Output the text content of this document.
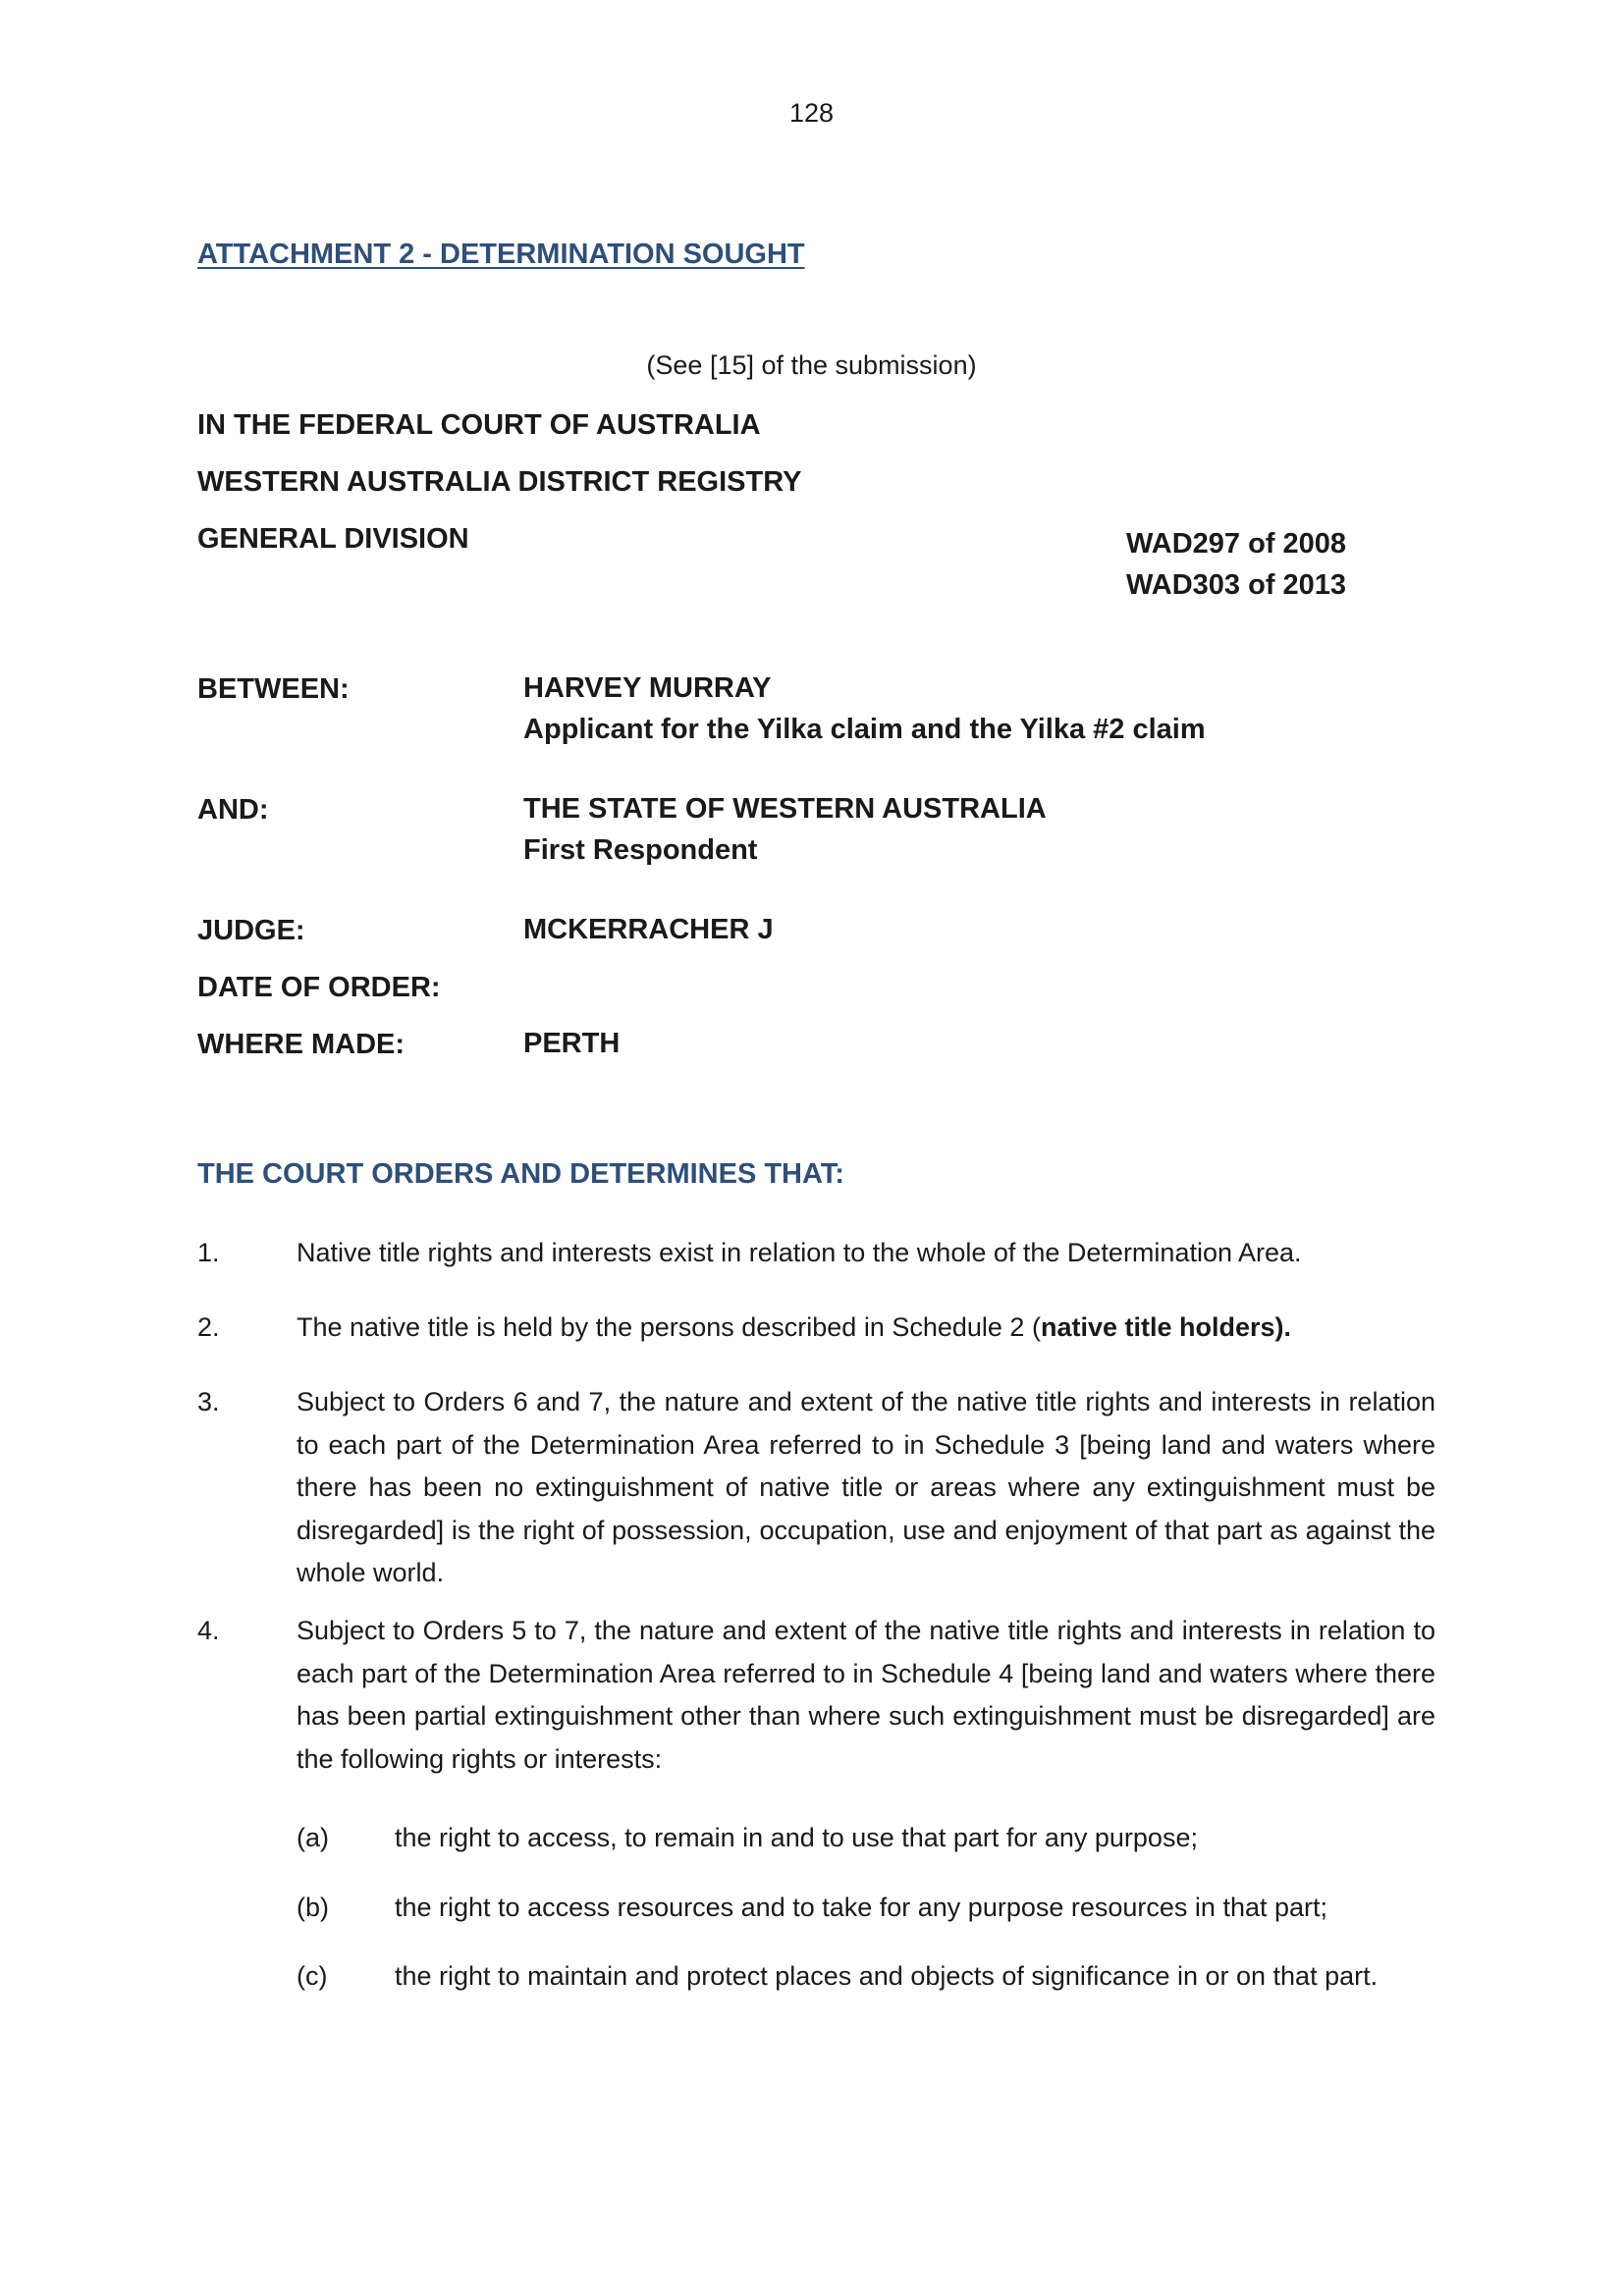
128
ATTACHMENT 2 - DETERMINATION SOUGHT
(See [15] of the submission)
IN THE FEDERAL COURT OF AUSTRALIA
WESTERN AUSTRALIA DISTRICT REGISTRY
GENERAL DIVISION	WAD297 of 2008
WAD303 of 2013
BETWEEN:	HARVEY MURRAY
Applicant for the Yilka claim and the Yilka #2 claim
AND:	THE STATE OF WESTERN AUSTRALIA
First Respondent
JUDGE:	MCKERRACHER J
DATE OF ORDER:
WHERE MADE:	PERTH
THE COURT ORDERS AND DETERMINES THAT:
1.	Native title rights and interests exist in relation to the whole of the Determination Area.
2.	The native title is held by the persons described in Schedule 2 (native title holders).
3.	Subject to Orders 6 and 7, the nature and extent of the native title rights and interests in relation to each part of the Determination Area referred to in Schedule 3 [being land and waters where there has been no extinguishment of native title or areas where any extinguishment must be disregarded] is the right of possession, occupation, use and enjoyment of that part as against the whole world.
4.	Subject to Orders 5 to 7, the nature and extent of the native title rights and interests in relation to each part of the Determination Area referred to in Schedule 4 [being land and waters where there has been partial extinguishment other than where such extinguishment must be disregarded] are the following rights or interests:
(a) the right to access, to remain in and to use that part for any purpose;
(b) the right to access resources and to take for any purpose resources in that part;
(c)	the right to maintain and protect places and objects of significance in or on that part.
